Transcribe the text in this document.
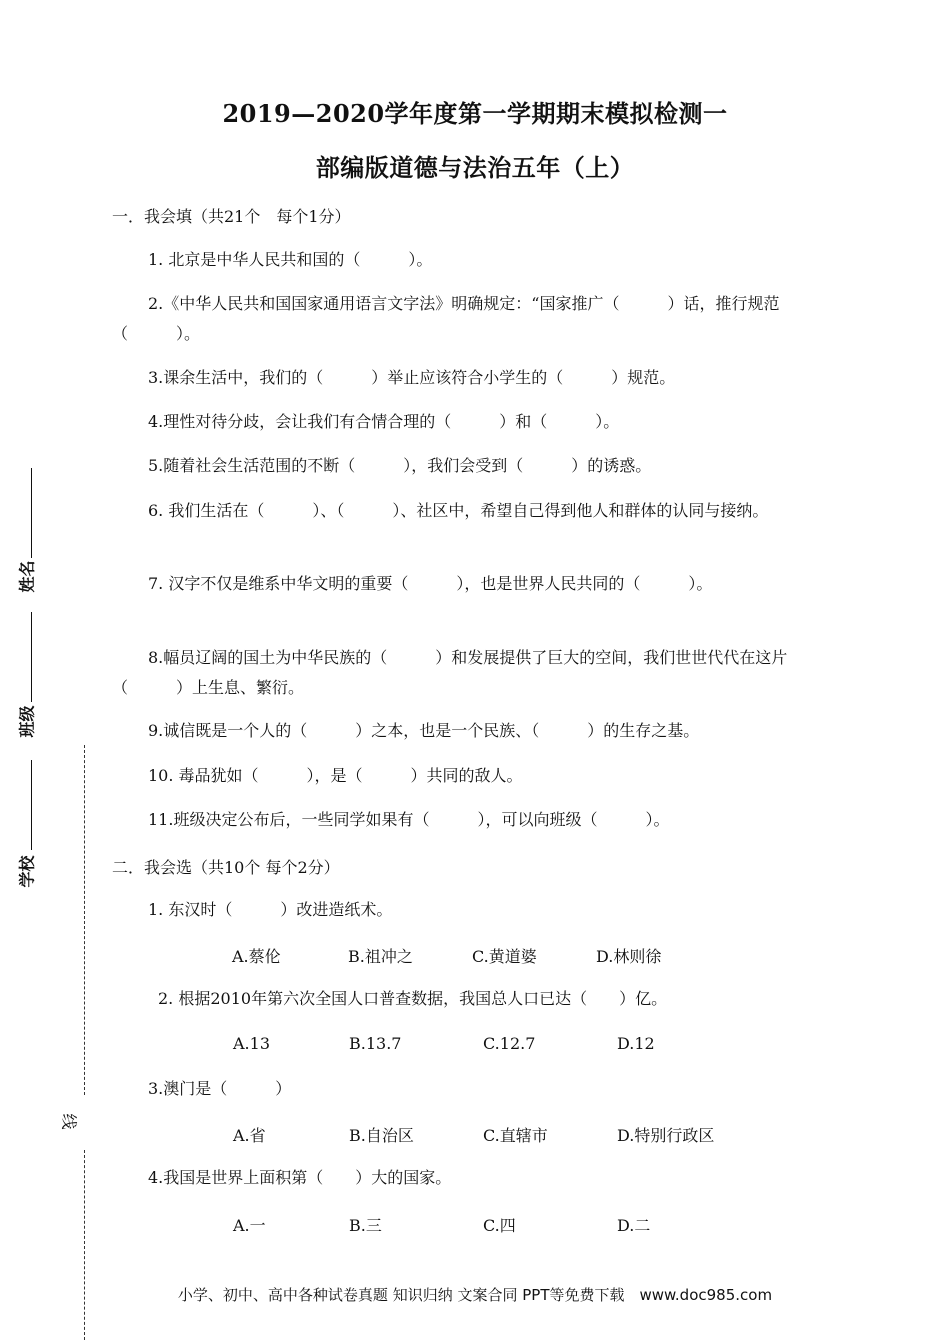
2019—2020学年度第一学期期末模拟检测一
部编版道德与法治五年（上）
一．我会填（共21个　每个1分）
1. 北京是中华人民共和国的（　　　）。
2.《中华人民共和国国家通用语言文字法》明确规定：“国家推广（　　　）话，推行规范（　　　）。
3.课余生活中，我们的（　　　）举止应该符合小学生的（　　　）规范。
4.理性对待分歧，会让我们有合情合理的（　　　）和（　　　）。
5.随着社会生活范围的不断（　　　），我们会受到（　　　）的诱惑。
6. 我们生活在（　　　）、（　　　）、社区中，希望自己得到他人和群体的认同与接纳。
7. 汉字不仅是维系中华文明的重要（　　　），也是世界人民共同的（　　　）。
8.幅员辽阔的国土为中华民族的（　　　）和发展提供了巨大的空间，我们世世代代在这片（　　　）上生息、繁衍。
9.诚信既是一个人的（　　　）之本，也是一个民族、（　　　）的生存之基。
10. 毒品犹如（　　　），是（　　　）共同的敌人。
11.班级决定公布后，一些同学如果有（　　　），可以向班级（　　　）。
二．我会选（共10个 每个2分）
1. 东汉时（　　　）改进造纸术。
A.蔡伦	B.祖冲之	C.黄道婆	D.林则徐
2. 根据2010年第六次全国人口普查数据，我国总人口已达（　　）亿。
A.13	B.13.7	C.12.7	D.12
3.澳门是（　　　）
A.省	B.自治区	C.直辖市	D.特别行政区
4.我国是世界上面积第（　　）大的国家。
A.一	B.三	C.四	D.二
姓名
班级
学校
线
小学、初中、高中各种试卷真题 知识归纳 文案合同 PPT等免费下载　www.doc985.com
